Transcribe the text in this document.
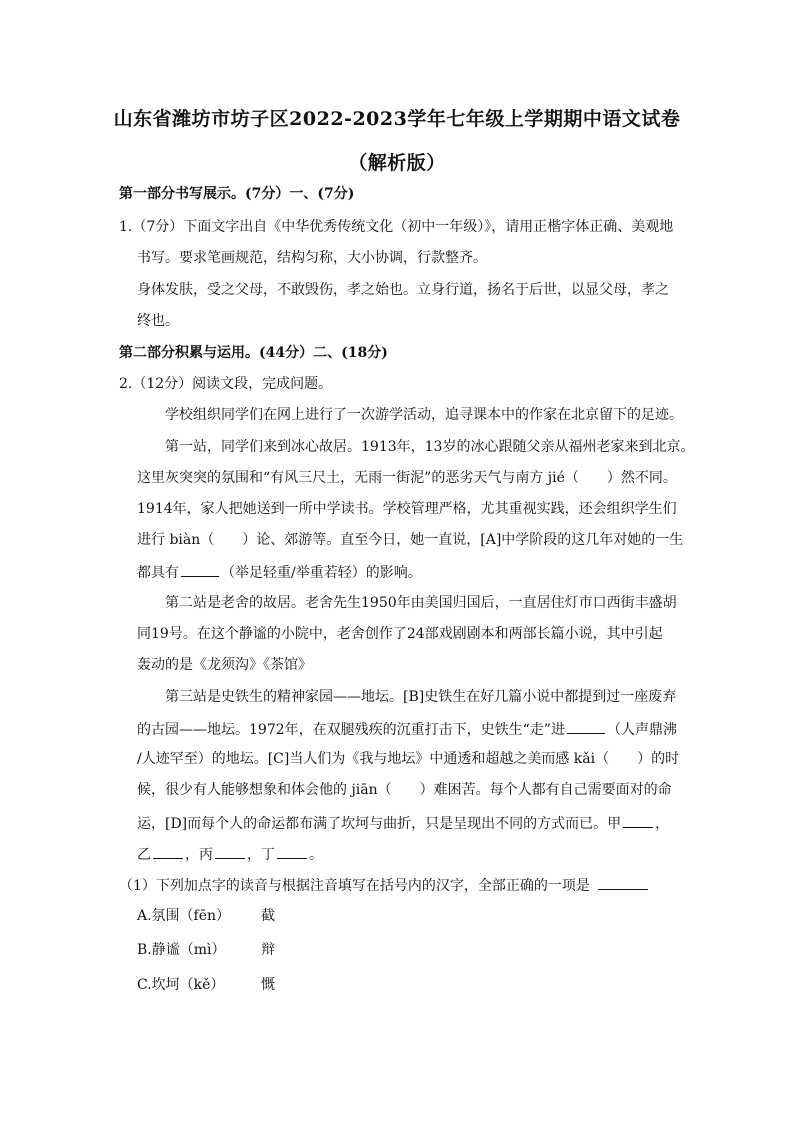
山东省潍坊市坊子区2022-2023学年七年级上学期期中语文试卷
（解析版）
第一部分书写展示。(7分）一、(7分)
1.（7分）下面文字出自《中华优秀传统文化（初中一年级）》，请用正楷字体正确、美观地
书写。要求笔画规范，结构匀称，大小协调，行款整齐。
身体发肤，受之父母，不敢毁伤，孝之始也。立身行道，扬名于后世，以显父母，孝之
终也。
第二部分积累与运用。(44分）二、(18分)
2.（12分）阅读文段，完成问题。
学校组织同学们在网上进行了一次游学活动，追寻课本中的作家在北京留下的足迹。
第一站，同学们来到冰心故居。1913年，13岁的冰心跟随父亲从福州老家来到北京。
这里灰突突的氛围和“有风三尺土，无雨一街泥”的恶劣天气与南方 jié（　　）然不同。
1914年，家人把她送到一所中学读书。学校管理严格，尤其重视实践，还会组织学生们
进行 biàn（　　）论、郊游等。直至今日，她一直说，[A]中学阶段的这几年对她的一生
都具有	（举足轻重/举重若轻）的影响。
第二站是老舍的故居。老舍先生1950年由美国归国后，一直居住灯市口西街丰盛胡
同19号。在这个静谧的小院中，老舍创作了24部戏剧剧本和两部长篇小说，其中引起
轰动的是《龙须沟》《茶馆》
第三站是史铁生的精神家园——地坛。[B]史铁生在好几篇小说中都提到过一座废弃
的古园——地坛。1972年，在双腿残疾的沉重打击下，史铁生“走”进	（人声鼎沸
/人迹罕至）的地坛。[C]当人们为《我与地坛》中通透和超越之美而感 kǎi（　　）的时
候，很少有人能够想象和体会他的 jiān（　　）难困苦。每个人都有自己需要面对的命
运，[D]而每个人的命运都布满了坎坷与曲折，只是呈现出不同的方式而已。甲 ，
乙 ，丙 ，丁 。
（1）下列加点字的读音与根据注音填写在括号内的汉字，全部正确的一项是
A.氛围（fēn） 截
B.静谧（mì）	辩
C.坎坷（kě）	慨
